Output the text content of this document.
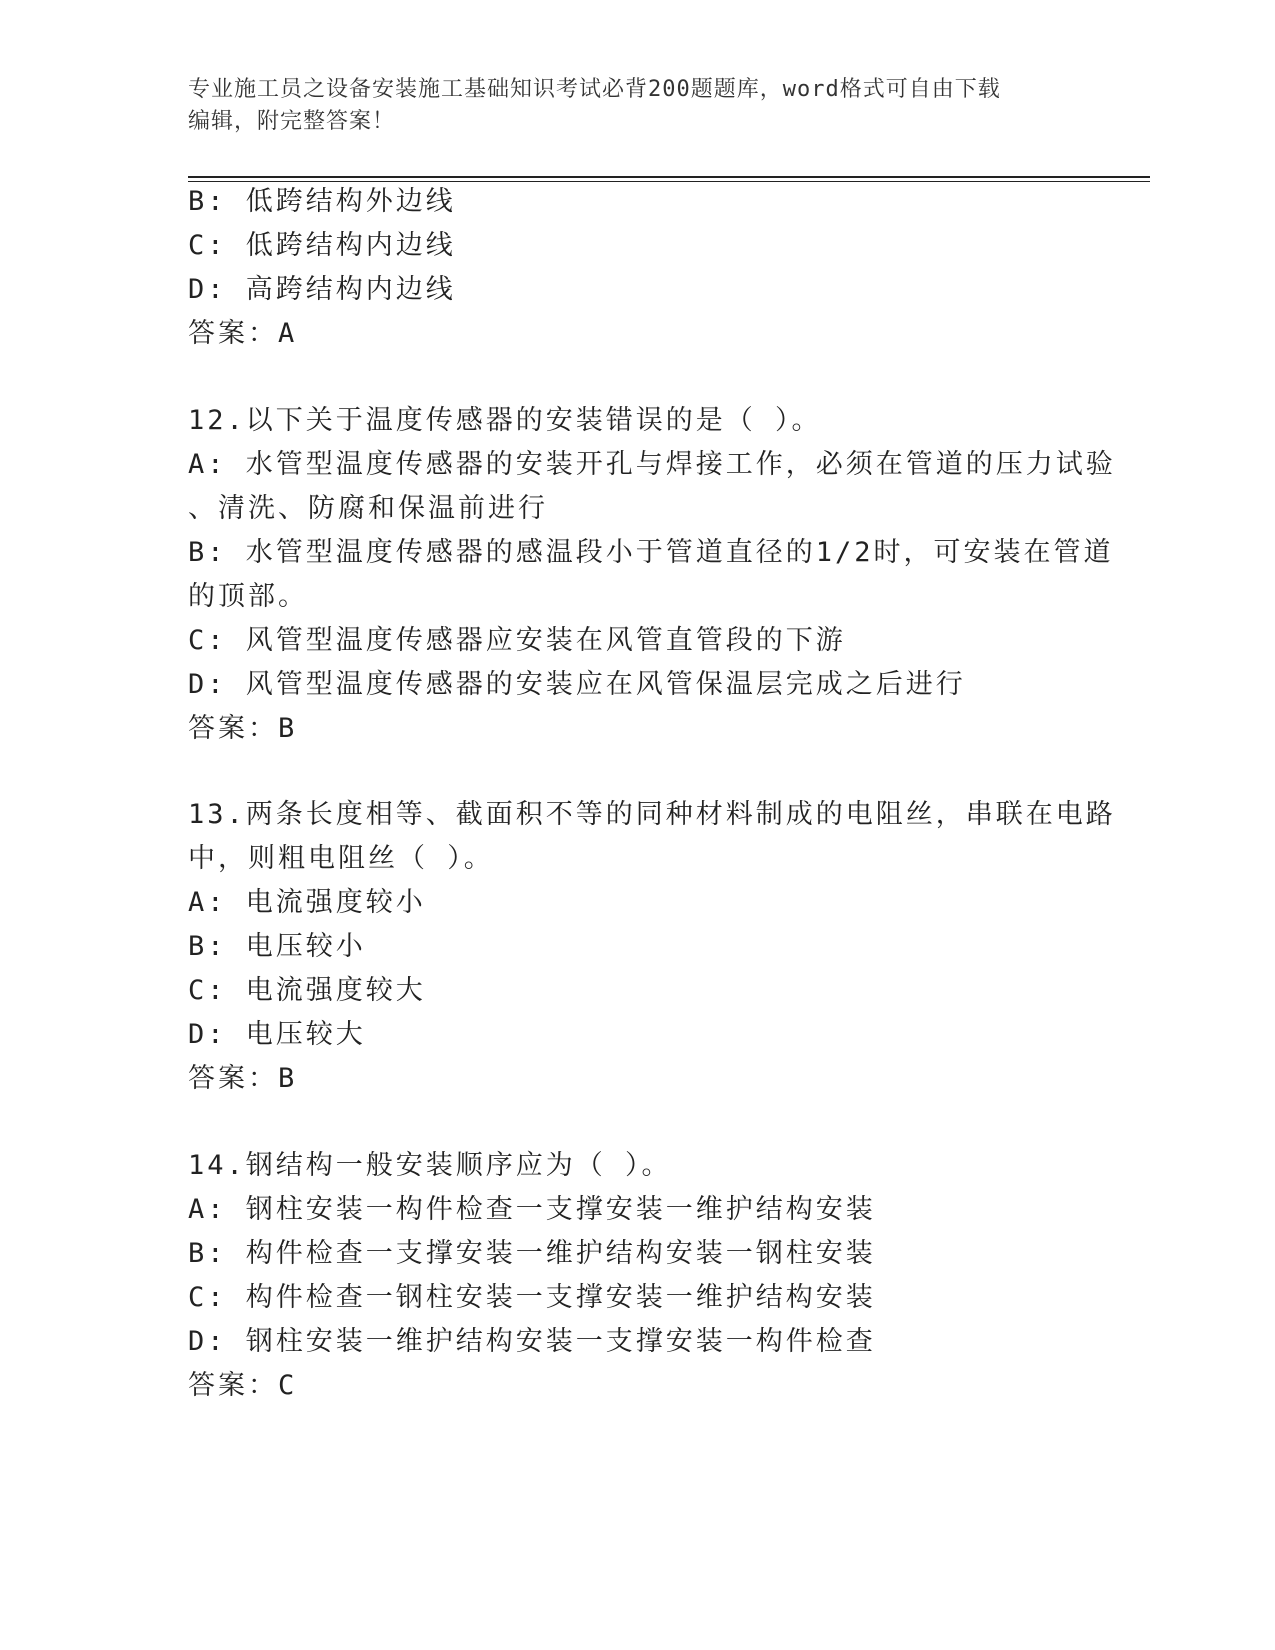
专业施工员之设备安装施工基础知识考试必背200题题库，word格式可自由下载
编辑，附完整答案！
B: 低跨结构外边线
C: 低跨结构内边线
D: 高跨结构内边线
答案：A
12.以下关于温度传感器的安装错误的是（ ）。
A: 水管型温度传感器的安装开孔与焊接工作，必须在管道的压力试验
、清洗、防腐和保温前进行
B: 水管型温度传感器的感温段小于管道直径的1/2时，可安装在管道
的顶部。
C: 风管型温度传感器应安装在风管直管段的下游
D: 风管型温度传感器的安装应在风管保温层完成之后进行
答案：B
13.两条长度相等、截面积不等的同种材料制成的电阻丝，串联在电路
中，则粗电阻丝（ ）。
A: 电流强度较小
B: 电压较小
C: 电流强度较大
D: 电压较大
答案：B
14.钢结构一般安装顺序应为（ ）。
A: 钢柱安装一构件检查一支撑安装一维护结构安装
B: 构件检查一支撑安装一维护结构安装一钢柱安装
C: 构件检查一钢柱安装一支撑安装一维护结构安装
D: 钢柱安装一维护结构安装一支撑安装一构件检查
答案：C
